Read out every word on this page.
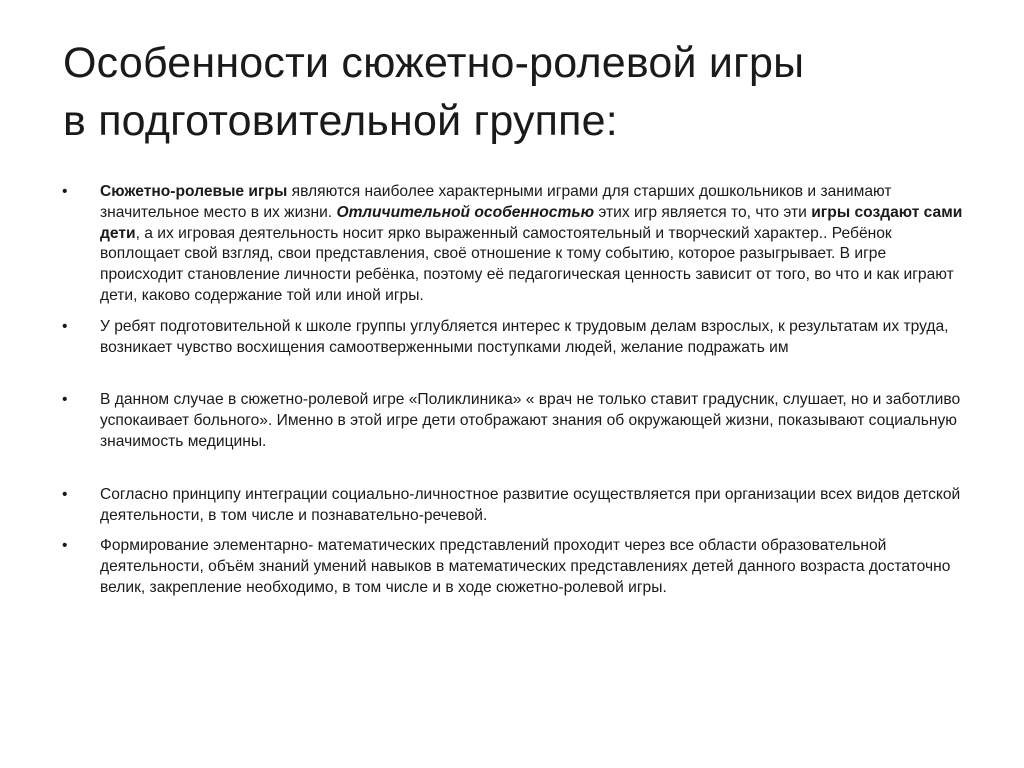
Особенности сюжетно-ролевой игры
в подготовительной группе:
•	Сюжетно-ролевые игры являются наиболее характерными играми для старших дошкольников и занимают значительное место в их жизни. Отличительной особенностью этих игр является то, что эти игры создают сами дети, а их игровая деятельность носит ярко выраженный самостоятельный и творческий характер.. Ребёнок воплощает свой взгляд, свои представления, своё отношение к тому событию, которое разыгрывает. В игре происходит становление личности ребёнка, поэтому её педагогическая ценность зависит от того, во что и как играют дети, каково содержание той или иной игры.
•	У ребят подготовительной к школе группы углубляется интерес к трудовым делам взрослых, к результатам их труда, возникает чувство восхищения самоотверженными поступками людей, желание подражать им
•	В данном случае в сюжетно-ролевой игре «Поликлиника» « врач не только ставит градусник, слушает, но и заботливо успокаивает больного». Именно в этой игре дети отображают знания об окружающей жизни, показывают социальную значимость медицины.
•	Согласно принципу интеграции социально-личностное развитие осуществляется при организации всех видов детской деятельности, в том числе и познавательно-речевой.
•	Формирование элементарно- математических представлений проходит через все области образовательной деятельности, объём знаний умений навыков в математических представлениях детей данного возраста достаточно велик, закрепление необходимо, в том числе и в ходе сюжетно-ролевой игры.
